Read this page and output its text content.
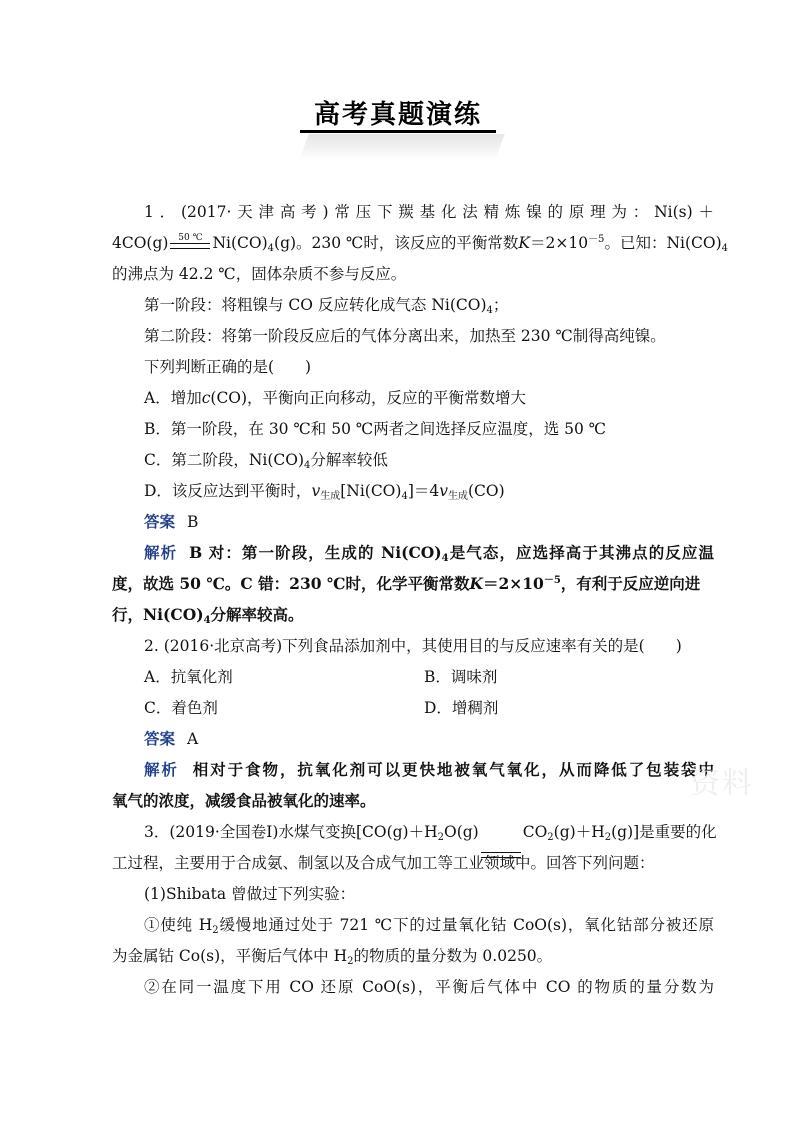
高考真题演练
1．(2017·天津高考)常压下羰基化法精炼镍的原理为：Ni(s)＋
4CO(g) $^{50 ℃}$ $Ni(CO)_4(g)$。230 ℃时，该反应的平衡常数$K=2\times 10^{-5}$。已知：$Ni(CO)_4$
的沸点为 42.2 ℃，固体杂质不参与反应。
第一阶段：将粗镍与 CO 反应转化成气态 $Ni(CO)_4$；
第二阶段：将第一阶段反应后的气体分离出来，加热至 230 ℃制得高纯镍。
下列判断正确的是(　　)
A．增加c(CO)，平衡向正向移动，反应的平衡常数增大
B．第一阶段，在 30 ℃和 50 ℃两者之间选择反应温度，选 50 ℃
C．第二阶段，$Ni(CO)_4$分解率较低
D．该反应达到平衡时，$v_{生成}[Ni(CO)_4]=4v_{生成}(CO)$
答案 B
解析 B 对：第一阶段，生成的 $Ni(CO)_4$是气态，应选择高于其沸点的反应温
度，故选 50 ℃。C 错：230 ℃时，化学平衡常数$K=2\times 10^{-5}$，有利于反应逆向进
行，$Ni(CO)_4$分解率较高。
2. (2016·北京高考)下列食品添加剂中，其使用目的与反应速率有关的是(　　)
A．抗氧化剂	B．调味剂
C．着色剂	D．增稠剂
答案 A
解析 相对于食物，抗氧化剂可以更快地被氧气氧化，从而降低了包装袋中
氧气的浓度，减缓食品被氧化的速率。
3．(2019·全国卷Ⅰ)水煤气变换[$CO(g)+H_2O(g)$	$CO_2(g)+H_2(g)$]是重要的化
工过程，主要用于合成氨、制氢以及合成气加工等工业领域中。回答下列问题：
(1)Shibata 曾做过下列实验：
①使纯 $H_2$缓慢地通过处于 721 ℃下的过量氧化钴 CoO(s)，氧化钴部分被还原
为金属钴 Co(s)，平衡后气体中 $H_2$的物质的量分数为 0.0250。
②在同一温度下用 CO 还原 CoO(s)，平衡后气体中 CO 的物质的量分数为
资料
